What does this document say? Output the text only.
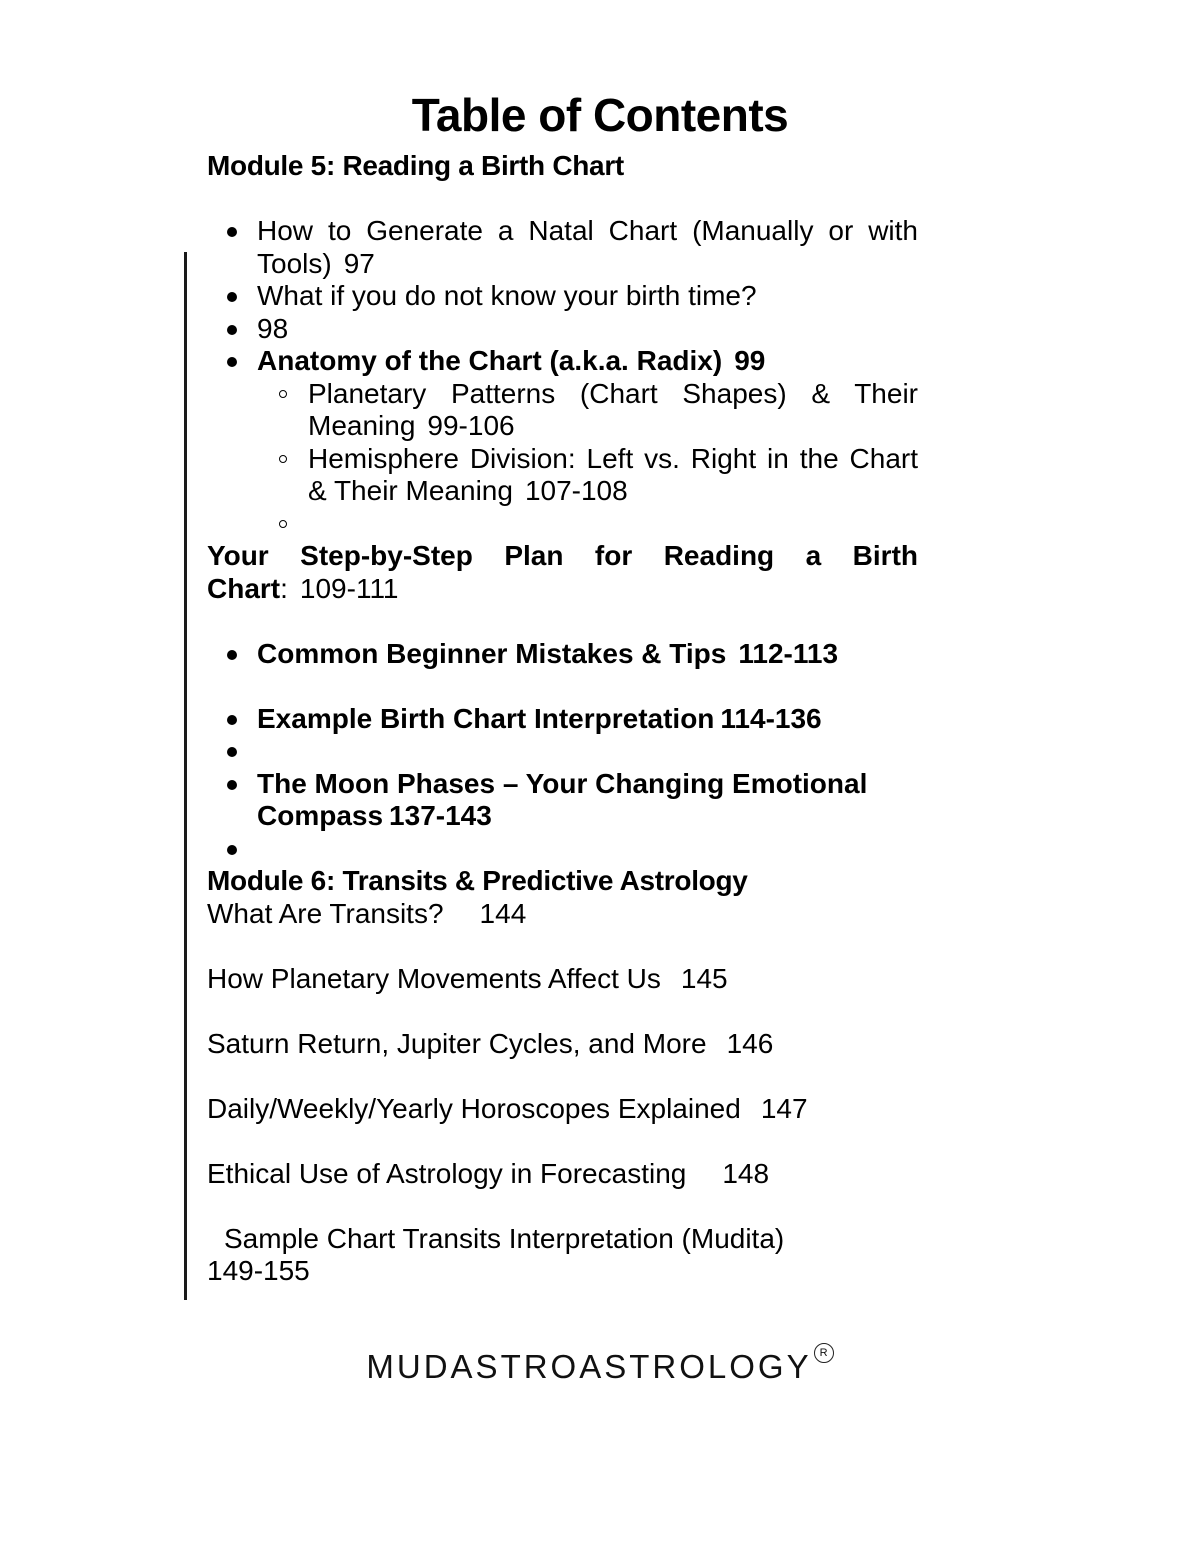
Table of Contents
Module 5: Reading a Birth Chart
How to Generate a Natal Chart (Manually or with Tools) 97
What if you do not know your birth time?
98
Anatomy of the Chart (a.k.a. Radix) 99
Planetary Patterns (Chart Shapes) & Their Meaning 99-106
Hemisphere Division: Left vs. Right in the Chart & Their Meaning 107-108
Your Step-by-Step Plan for Reading a Birth Chart: 109-111
Common Beginner Mistakes & Tips 112-113
Example Birth Chart Interpretation 114-136
The Moon Phases – Your Changing Emotional Compass 137-143
Module 6: Transits & Predictive Astrology
What Are Transits? 144
How Planetary Movements Affect Us 145
Saturn Return, Jupiter Cycles, and More 146
Daily/Weekly/Yearly Horoscopes Explained 147
Ethical Use of Astrology in Forecasting 148
Sample Chart Transits Interpretation (Mudita)
149-155
MUDASTROASTROLOGY R
